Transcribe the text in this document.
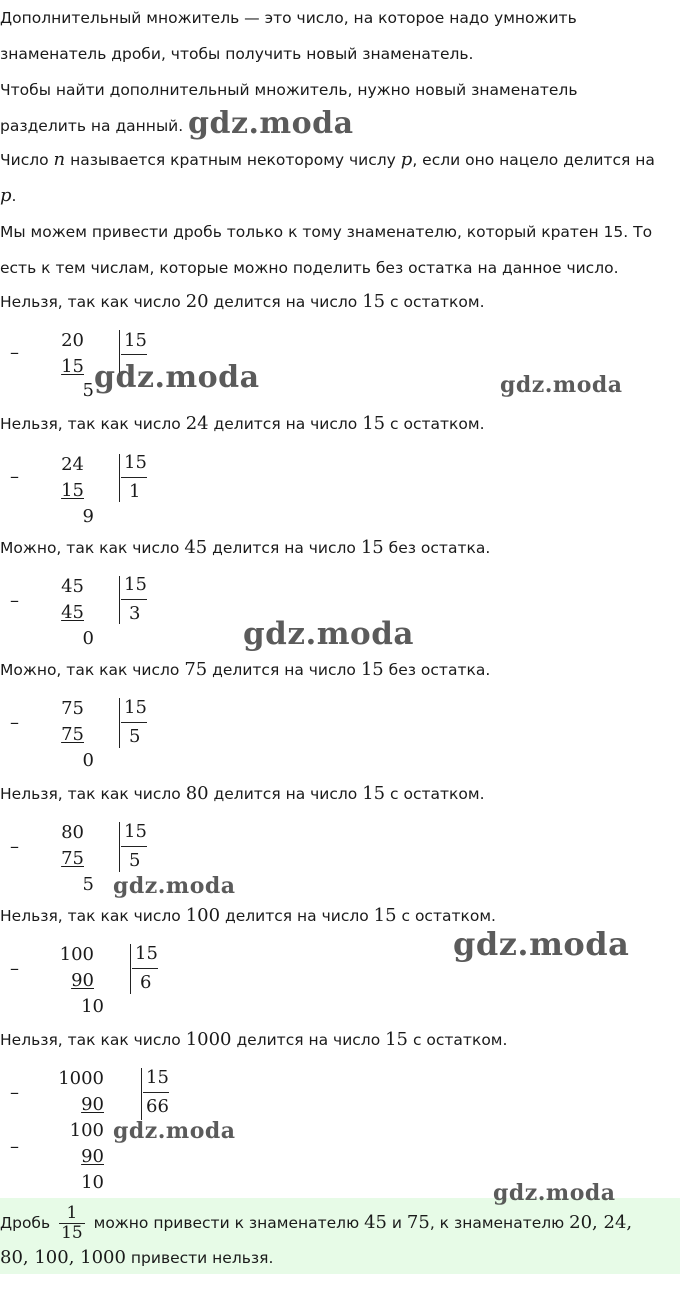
Дополнительный множитель — это число, на которое надо умножить
знаменатель дроби, чтобы получить новый знаменатель.
Чтобы найти дополнительный множитель, нужно новый знаменатель
разделить на данный.
Число n называется кратным некоторому числу p, если оно нацело делится на
p.
Мы можем привести дробь только к тому знаменателю, который кратен 15. То
есть к тем числам, которые можно поделить без остатка на данное число.
Нельзя, так как число 20 делится на число 15 с остатком.
–
20
15
5
15
Нельзя, так как число 24 делится на число 15 с остатком.
–
24
15
9
15
1
Можно, так как число 45 делится на число 15 без остатка.
–
45
45
0
15
3
Можно, так как число 75 делится на число 15 без остатка.
–
75
75
0
15
5
Нельзя, так как число 80 делится на число 15 с остатком.
–
80
75
5
15
5
Нельзя, так как число 100 делится на число 15 с остатком.
–
100
90
10
15
6
Нельзя, так как число 1000 делится на число 15 с остатком.
–
1000
90
–
100
90
10
15
66
Дробь $\frac{1}{15}$ можно привести к знаменателю 45 и 75, к знаменателю 20, 24,
80, 100, 1000 привести нельзя.
gdz.moda
gdz.moda	gdz.moda
gdz.moda
gdz.moda
gdz.moda
gdz.moda
gdz.moda
